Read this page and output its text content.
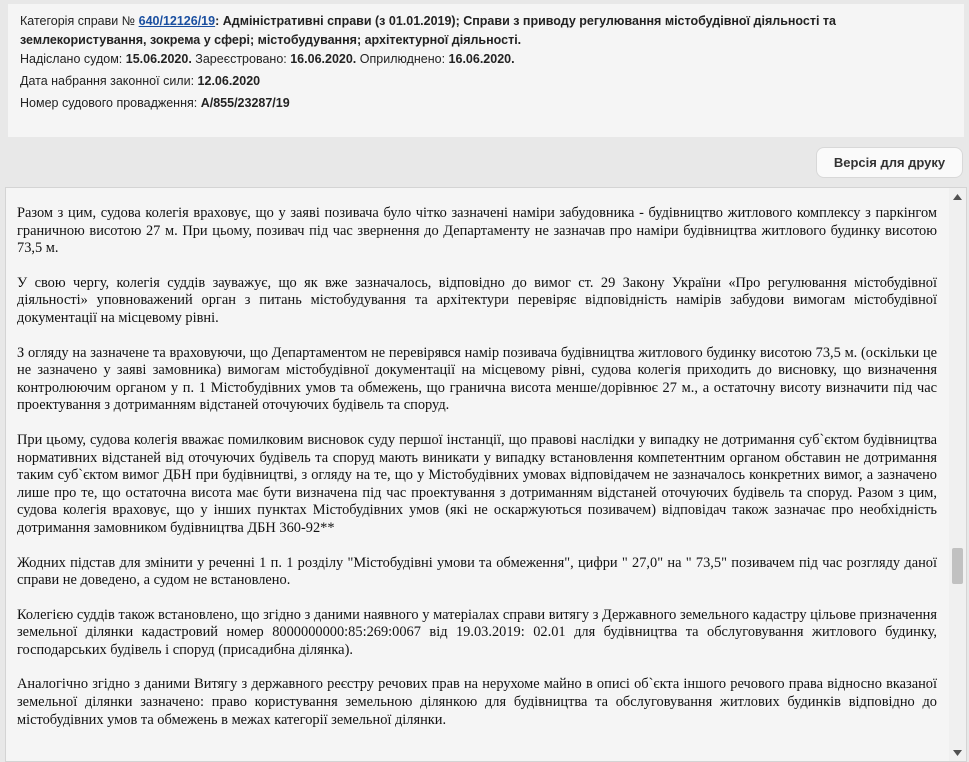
Категорія справи № 640/12126/19: Адміністративні справи (з 01.01.2019); Справи з приводу регулювання містобудівної діяльності та
землекористування, зокрема у сфері; містобудування; архітектурної діяльності.
Надіслано судом: 15.06.2020. Зареєстровано: 16.06.2020. Оприлюднено: 16.06.2020.
Дата набрання законної сили: 12.06.2020
Номер судового провадження: А/855/23287/19
Версія для друку

Разом з цим, судова колегія враховує, що у заяві позивача було чітко зазначені наміри забудовника - будівництво житлового комплексу з паркінгом граничною висотою 27 м. При цьому, позивач під час звернення до Департаменту не зазначав про наміри будівництва житлового будинку висотою 73,5 м.

У свою чергу, колегія суддів зауважує, що як вже зазначалось, відповідно до вимог ст. 29 Закону України «Про регулювання містобудівної діяльності» уповноважений орган з питань містобудування та архітектури перевіряє відповідність намірів забудови вимогам містобудівної документації на місцевому рівні.

З огляду на зазначене та враховуючи, що Департаментом не перевірявся намір позивача будівництва житлового будинку висотою 73,5 м. (оскільки це не зазначено у заяві замовника) вимогам містобудівної документації на місцевому рівні, судова колегія приходить до висновку, що визначення контролюючим органом у п. 1 Містобудівних умов та обмежень, що гранична висота менше/дорівнює 27 м., а остаточну висоту визначити під час проектування з дотриманням відстаней оточуючих будівель та споруд.

При цьому, судова колегія вважає помилковим висновок суду першої інстанції, що правові наслідки у випадку не дотримання суб`єктом будівництва нормативних відстаней від оточуючих будівель та споруд мають виникати у випадку встановлення компетентним органом обставин не дотримання таким суб`єктом вимог ДБН при будівництві, з огляду на те, що у Містобудівних умовах відповідачем не зазначалось конкретних вимог, а зазначено лише про те, що остаточна висота має бути визначена під час проектування з дотриманням відстаней оточуючих будівель та споруд. Разом з цим, судова колегія враховує, що у інших пунктах Містобудівних умов (які не оскаржуються позивачем) відповідач також зазначає про необхідність дотримання замовником будівництва ДБН 360-92**

Жодних підстав для змінити у реченні 1 п. 1 розділу "Містобудівні умови та обмеження", цифри " 27,0" на " 73,5" позивачем під час розгляду даної справи не доведено, а судом не встановлено.

Колегією суддів також встановлено, що згідно з даними наявного у матеріалах справи витягу з Державного земельного кадастру цільове призначення земельної ділянки кадастровий номер 8000000000:85:269:0067 від 19.03.2019: 02.01 для будівництва та обслуговування житлового будинку, господарських будівель і споруд (присадибна ділянка).

Аналогічно згідно з даними Витягу з державного реєстру речових прав на нерухоме майно в описі об`єкта іншого речового права відносно вказаної земельної ділянки зазначено: право користування земельною ділянкою для будівництва та обслуговування житлових будинків відповідно до містобудівних умов та обмежень в межах категорії земельної ділянки.
